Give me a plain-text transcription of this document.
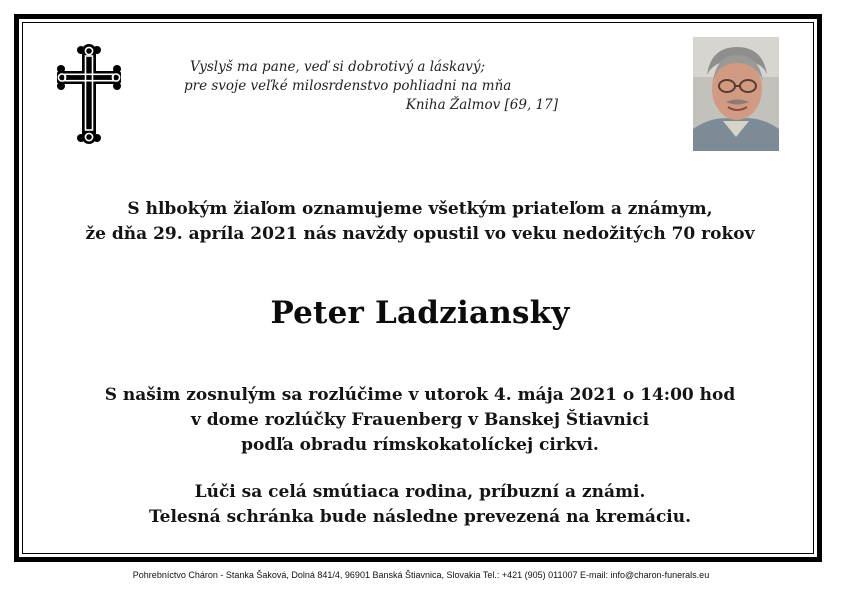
Vyslyš ma pane, veď si dobrotivý a láskavý;
pre svoje veľké milosrdenstvo pohliadni na mňa
Kniha Žalmov [69, 17]
S hlbokým žiaľom oznamujeme všetkým priateľom a známym,
že dňa 29. apríla 2021 nás navždy opustil vo veku nedožitých 70 rokov
Peter Ladziansky
S našim zosnulým sa rozlúčime v utorok 4. mája 2021 o 14:00 hod
v dome rozlúčky Frauenberg v Banskej Štiavnici
podľa obradu rímskokatolíckej cirkvi.
Lúči sa celá smútiaca rodina, príbuzní a známi.
Telesná schránka bude následne prevezená na kremáciu.
Pohrebníctvo Cháron - Stanka Šaková, Dolná 841/4, 96901 Banská Štiavnica, Slovakia Tel.: +421 (905) 011007 E-mail: info@charon-funerals.eu
